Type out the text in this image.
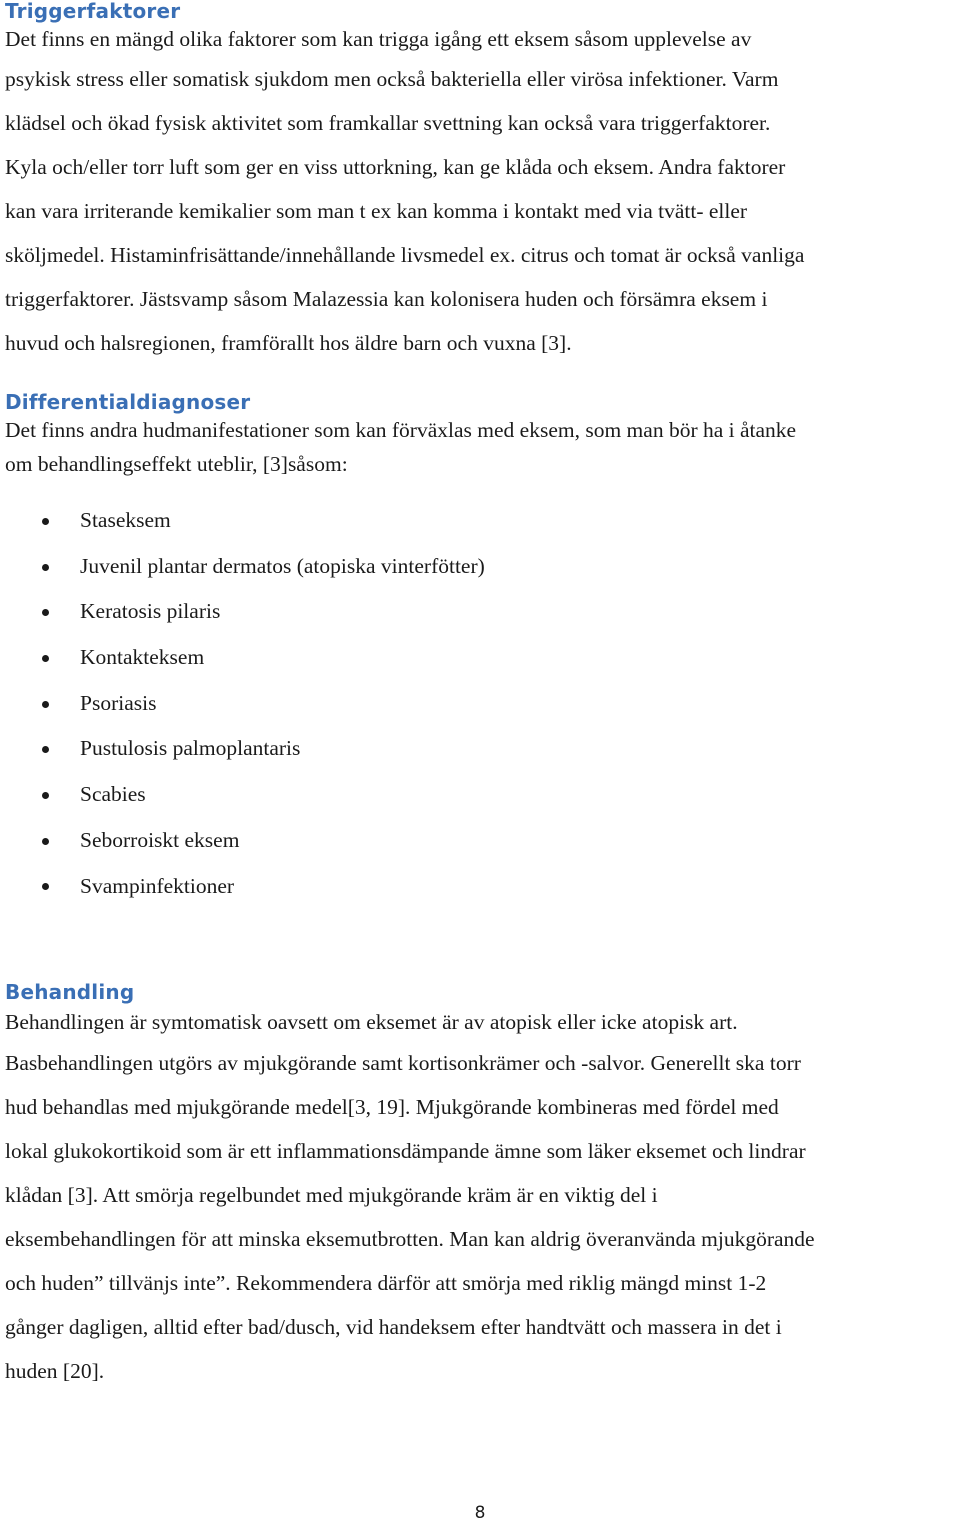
Triggerfaktorer
Det finns en mängd olika faktorer som kan trigga igång ett eksem såsom upplevelse av
psykisk stress eller somatisk sjukdom men också bakteriella eller virösa infektioner. Varm
klädsel och ökad fysisk aktivitet som framkallar svettning kan också vara triggerfaktorer.
Kyla och/eller torr luft som ger en viss uttorkning, kan ge klåda och eksem. Andra faktorer
kan vara irriterande kemikalier som man t ex kan komma i kontakt med via tvätt- eller
sköljmedel. Histaminfrisättande/innehållande livsmedel ex. citrus och tomat är också vanliga
triggerfaktorer. Jästsvamp såsom Malazessia kan kolonisera huden och försämra eksem i
huvud och halsregionen, framförallt hos äldre barn och vuxna [3].
Differentialdiagnoser
Det finns andra hudmanifestationer som kan förväxlas med eksem, som man bör ha i åtanke
om behandlingseffekt uteblir, [3]såsom:
Staseksem
Juvenil plantar dermatos (atopiska vinterfötter)
Keratosis pilaris
Kontakteksem
Psoriasis
Pustulosis palmoplantaris
Scabies
Seborroiskt eksem
Svampinfektioner
Behandling
Behandlingen är symtomatisk oavsett om eksemet är av atopisk eller icke atopisk art.
Basbehandlingen utgörs av mjukgörande samt kortisonkrämer och -salvor. Generellt ska torr
hud behandlas med mjukgörande medel[3, 19]. Mjukgörande kombineras med fördel med
lokal glukokortikoid som är ett inflammationsdämpande ämne som läker eksemet och lindrar
klådan [3]. Att smörja regelbundet med mjukgörande kräm är en viktig del i
eksembehandlingen för att minska eksemutbrotten. Man kan aldrig överanvända mjukgörande
och huden” tillvänjs inte”. Rekommendera därför att smörja med riklig mängd minst 1-2
gånger dagligen, alltid efter bad/dusch, vid handeksem efter handtvätt och massera in det i
huden [20].
8
